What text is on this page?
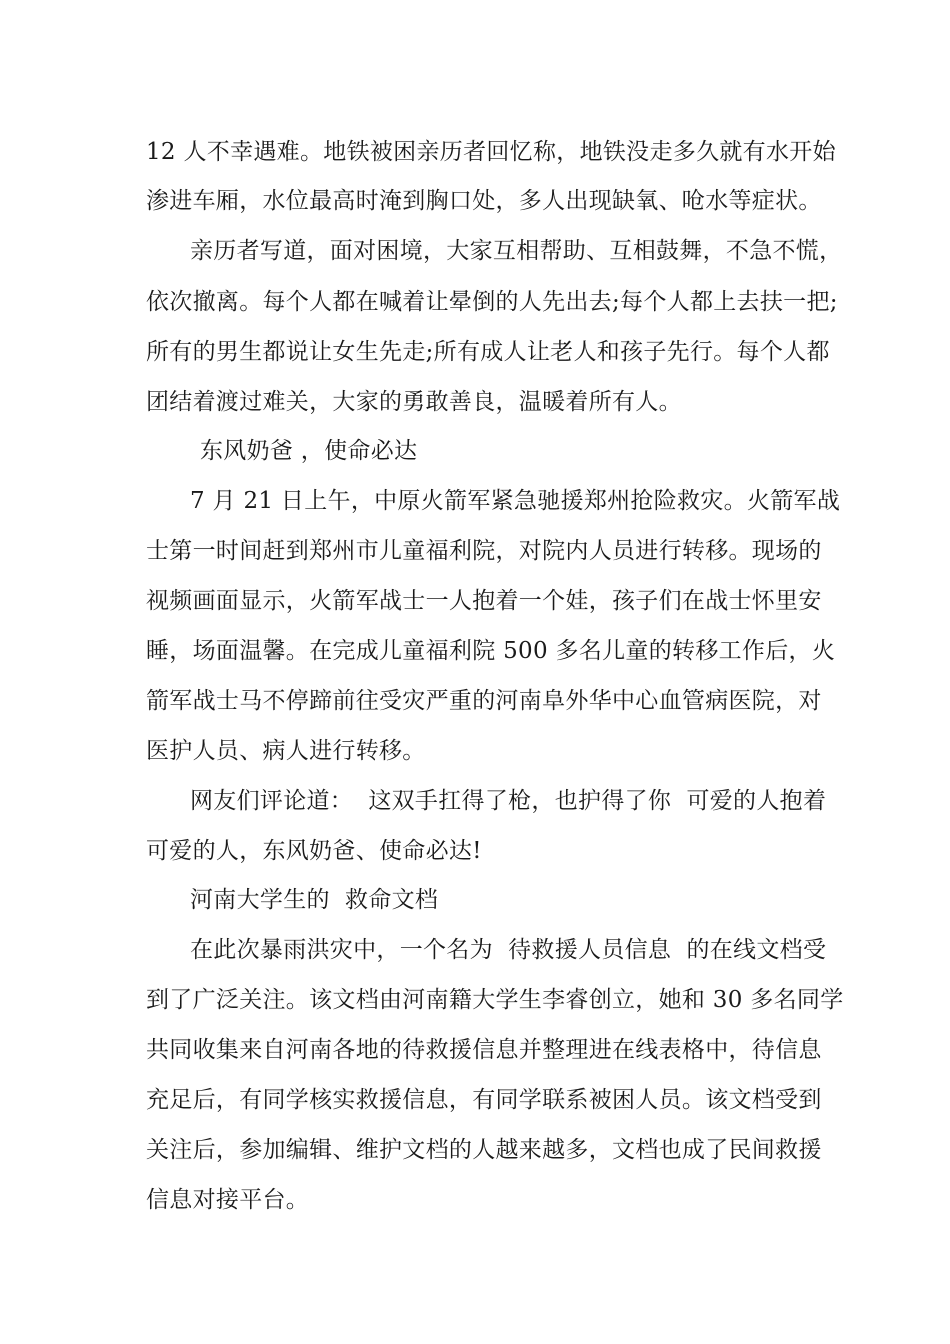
12 人不幸遇难。地铁被困亲历者回忆称，地铁没走多久就有水开始
渗进车厢，水位最高时淹到胸口处，多人出现缺氧、呛水等症状。
亲历者写道，面对困境，大家互相帮助、互相鼓舞，不急不慌，
依次撤离。每个人都在喊着让晕倒的人先出去;每个人都上去扶一把;
所有的男生都说让女生先走;所有成人让老人和孩子先行。每个人都
团结着渡过难关，大家的勇敢善良，温暖着所有人。
东风奶爸 ，使命必达
7 月 21 日上午，中原火箭军紧急驰援郑州抢险救灾。火箭军战
士第一时间赶到郑州市儿童福利院，对院内人员进行转移。现场的
视频画面显示，火箭军战士一人抱着一个娃，孩子们在战士怀里安
睡，场面温馨。在完成儿童福利院 500 多名儿童的转移工作后，火
箭军战士马不停蹄前往受灾严重的河南阜外华中心血管病医院，对
医护人员、病人进行转移。
网友们评论道：  这双手扛得了枪，也护得了你  可爱的人抱着
可爱的人，东风奶爸、使命必达!
河南大学生的  救命文档
在此次暴雨洪灾中，一个名为  待救援人员信息  的在线文档受
到了广泛关注。该文档由河南籍大学生李睿创立，她和 30 多名同学
共同收集来自河南各地的待救援信息并整理进在线表格中，待信息
充足后，有同学核实救援信息，有同学联系被困人员。该文档受到
关注后，参加编辑、维护文档的人越来越多，文档也成了民间救援
信息对接平台。
